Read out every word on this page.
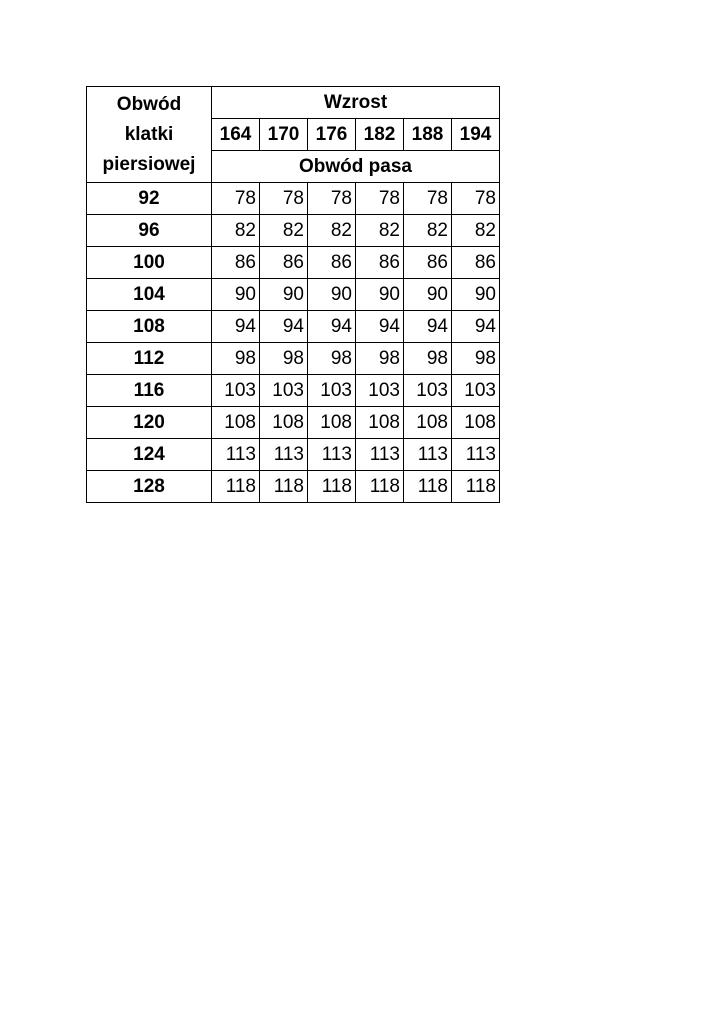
Obwód
klatki
piersiowej	Wzrost					
	164	170	176	182	188	194
	Obwód pasa					
92	78	78	78	78	78	78
96	82	82	82	82	82	82
100	86	86	86	86	86	86
104	90	90	90	90	90	90
108	94	94	94	94	94	94
112	98	98	98	98	98	98
116	103	103	103	103	103	103
120	108	108	108	108	108	108
124	113	113	113	113	113	113
128	118	118	118	118	118	118
